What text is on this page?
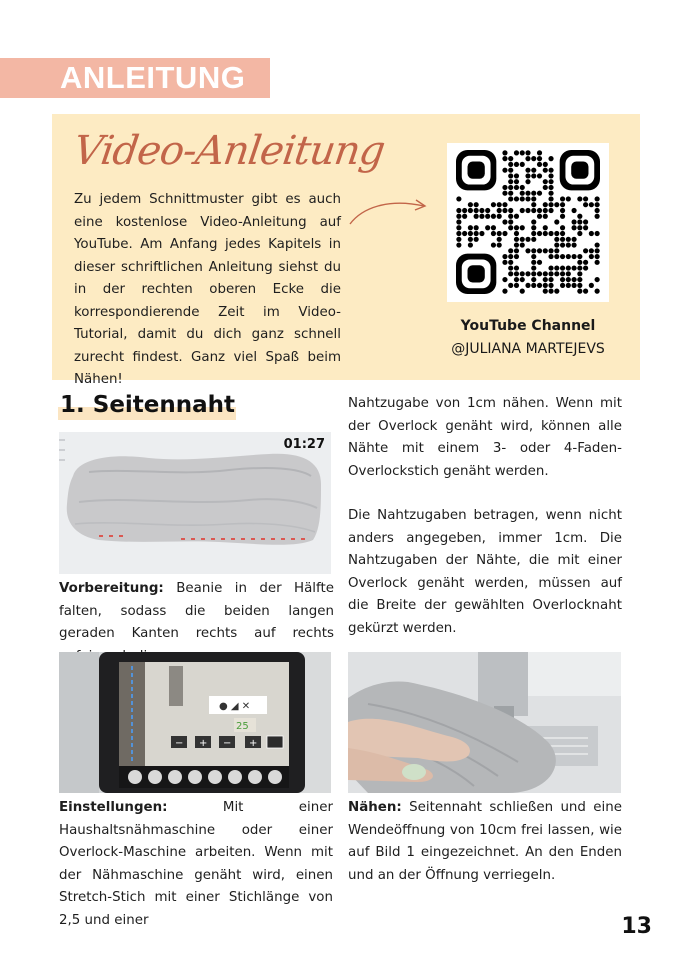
ANLEITUNG
Video-Anleitung
Zu jedem Schnittmuster gibt es auch eine kostenlose Video-Anleitung auf YouTube. Am Anfang jedes Kapitels in dieser schriftlichen Anleitung siehst du in der rechten oberen Ecke die korrespondierende Zeit im Video-Tutorial, damit du dich ganz schnell zurecht findest. Ganz viel Spaß beim Nähen!
YouTube Channel
@JULIANA MARTEJEVS
1. Seitennaht
01:27
Vorbereitung: Beanie in der Hälfte falten, sodass die beiden langen geraden Kanten rechts auf rechts

Nahtzugabe von 1cm nähen. Wenn mit der Overlock genäht wird, können alle Nähte mit einem 3- oder 4-Faden-Overlockstich genäht werden.

Die Nahtzugaben betragen, wenn nicht anders angegeben, immer 1cm. Die Nahtzugaben der Nähte, die mit einer Overlock genäht werden, müssen auf die Breite der gewählten Overlocknaht gekürzt werden.

● ◢ ✕
25
− + − +
Einstellungen: Mit einer Haushaltsnähmaschine oder einer Overlock-Maschine arbeiten. Wenn mit der Nähmaschine genäht wird, einen Stretch-Stich mit einer Stichlänge von 2,5 und einer
Nähen: Seitennaht schließen und eine Wendeöffnung von 10cm frei lassen, wie auf Bild 1 eingezeichnet. An den Enden und an der Öffnung verriegeln.
13
